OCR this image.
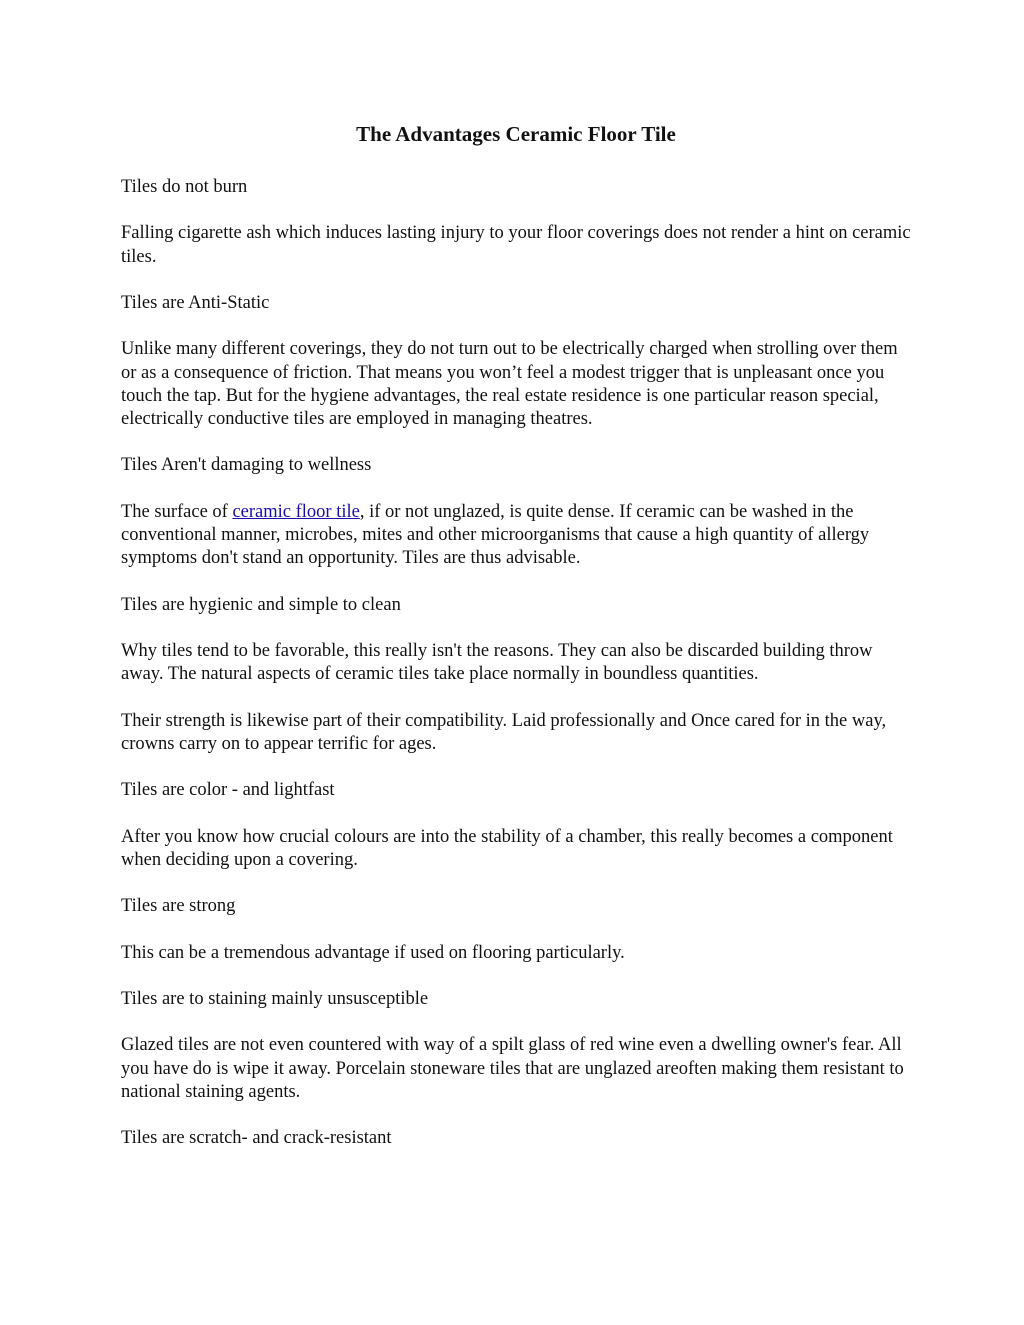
The Advantages Ceramic Floor Tile

Tiles do not burn

Falling cigarette ash which induces lasting injury to your floor coverings does not render a hint on ceramic tiles.

Tiles are Anti-Static

Unlike many different coverings, they do not turn out to be electrically charged when strolling over them or as a consequence of friction. That means you won’t feel a modest trigger that is unpleasant once you touch the tap. But for the hygiene advantages, the real estate residence is one particular reason special, electrically conductive tiles are employed in managing theatres.

Tiles Aren't damaging to wellness

The surface of ceramic floor tile, if or not unglazed, is quite dense. If ceramic can be washed in the conventional manner, microbes, mites and other microorganisms that cause a high quantity of allergy symptoms don't stand an opportunity. Tiles are thus advisable.

Tiles are hygienic and simple to clean

Why tiles tend to be favorable, this really isn't the reasons. They can also be discarded building throw away. The natural aspects of ceramic tiles take place normally in boundless quantities.

Their strength is likewise part of their compatibility. Laid professionally and Once cared for in the way, crowns carry on to appear terrific for ages.

Tiles are color - and lightfast

After you know how crucial colours are into the stability of a chamber, this really becomes a component when deciding upon a covering.

Tiles are strong

This can be a tremendous advantage if used on flooring particularly.

Tiles are to staining mainly unsusceptible

Glazed tiles are not even countered with way of a spilt glass of red wine even a dwelling owner's fear. All you have do is wipe it away. Porcelain stoneware tiles that are unglazed areoften making them resistant to national staining agents.

Tiles are scratch- and crack-resistant
